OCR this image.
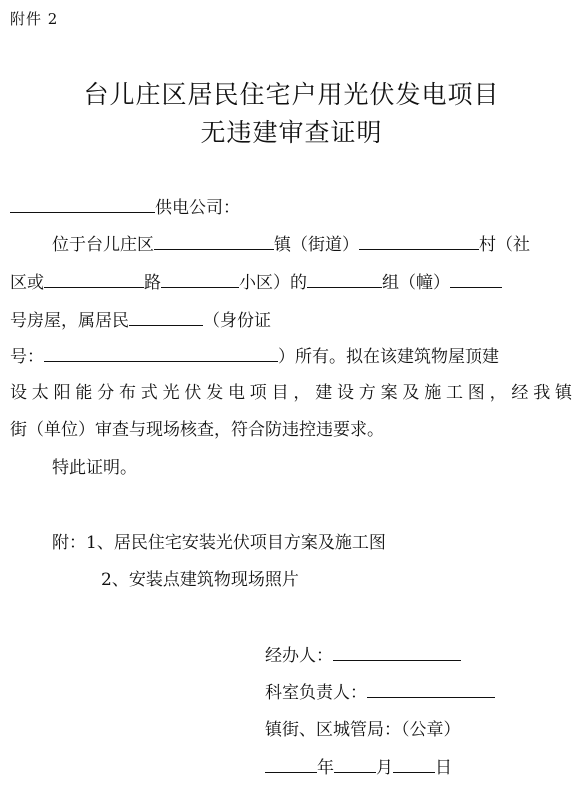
附件 2
台儿庄区居民住宅户用光伏发电项目
无违建审查证明
供电公司：
位于台儿庄区	镇（街道）	村（社
区或	路	小区）的	组（幢）
号房屋，属居民	（身份证
号：	）所有。拟在该建筑物屋顶建
设太阳能分布式光伏发电项目，建设方案及施工图，经我镇
街（单位）审查与现场核查，符合防违控违要求。
特此证明。
附：1、居民住宅安装光伏项目方案及施工图
2、安装点建筑物现场照片
经办人：
科室负责人：
镇街、区城管局：（公章）
年 月 日
